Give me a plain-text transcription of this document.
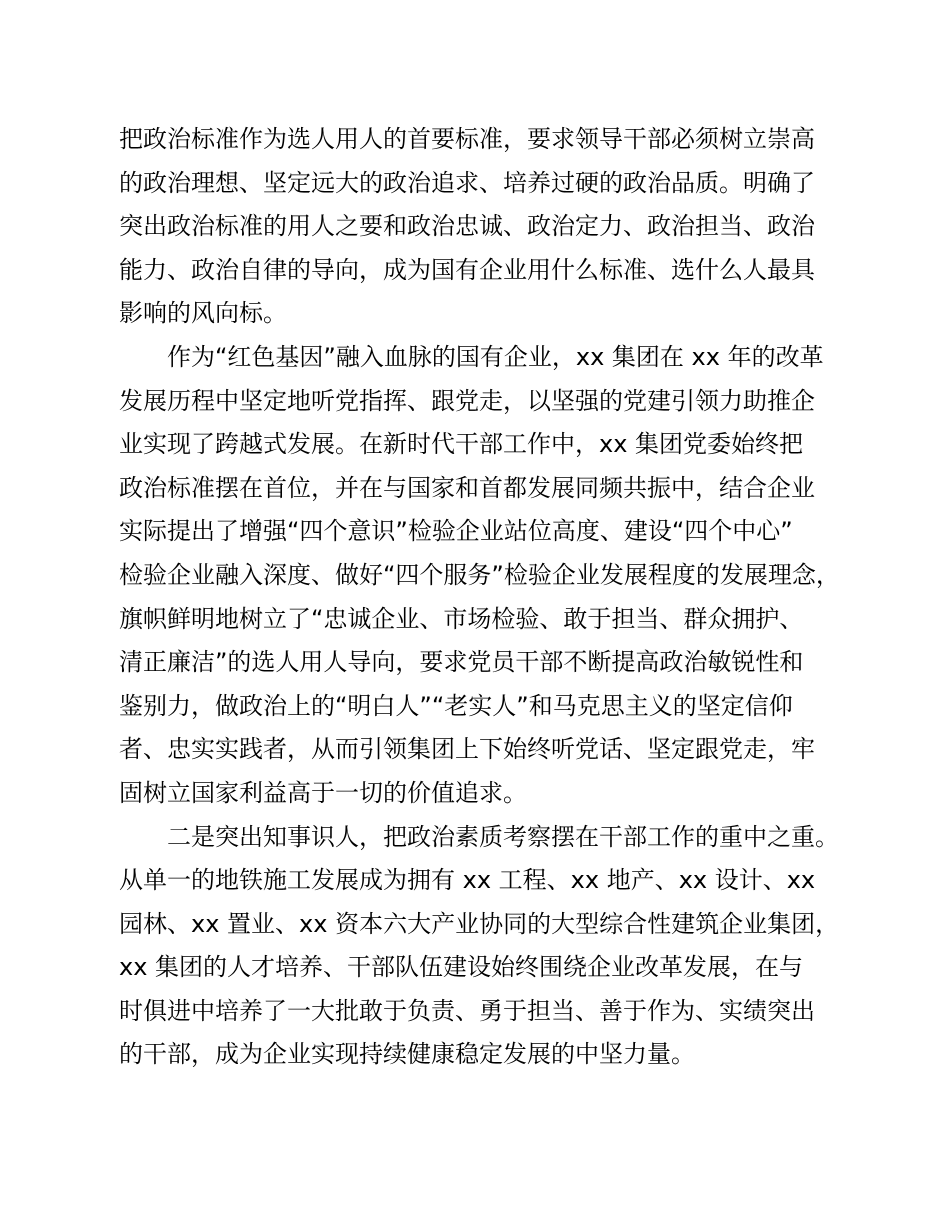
把政治标准作为选人用人的首要标准，要求领导干部必须树立崇高
的政治理想、坚定远大的政治追求、培养过硬的政治品质。明确了
突出政治标准的用人之要和政治忠诚、政治定力、政治担当、政治
能力、政治自律的导向，成为国有企业用什么标准、选什么人最具
影响的风向标。
作为“红色基因”融入血脉的国有企业，xx 集团在 xx 年的改革
发展历程中坚定地听党指挥、跟党走，以坚强的党建引领力助推企
业实现了跨越式发展。在新时代干部工作中，xx 集团党委始终把
政治标准摆在首位，并在与国家和首都发展同频共振中，结合企业
实际提出了增强“四个意识”检验企业站位高度、建设“四个中心”
检验企业融入深度、做好“四个服务”检验企业发展程度的发展理念，
旗帜鲜明地树立了“忠诚企业、市场检验、敢于担当、群众拥护、
清正廉洁”的选人用人导向，要求党员干部不断提高政治敏锐性和
鉴别力，做政治上的“明白人”“老实人”和马克思主义的坚定信仰
者、忠实实践者，从而引领集团上下始终听党话、坚定跟党走，牢
固树立国家利益高于一切的价值追求。
二是突出知事识人，把政治素质考察摆在干部工作的重中之重。
从单一的地铁施工发展成为拥有 xx 工程、xx 地产、xx 设计、xx
园林、xx 置业、xx 资本六大产业协同的大型综合性建筑企业集团，
xx 集团的人才培养、干部队伍建设始终围绕企业改革发展，在与
时俱进中培养了一大批敢于负责、勇于担当、善于作为、实绩突出
的干部，成为企业实现持续健康稳定发展的中坚力量。
